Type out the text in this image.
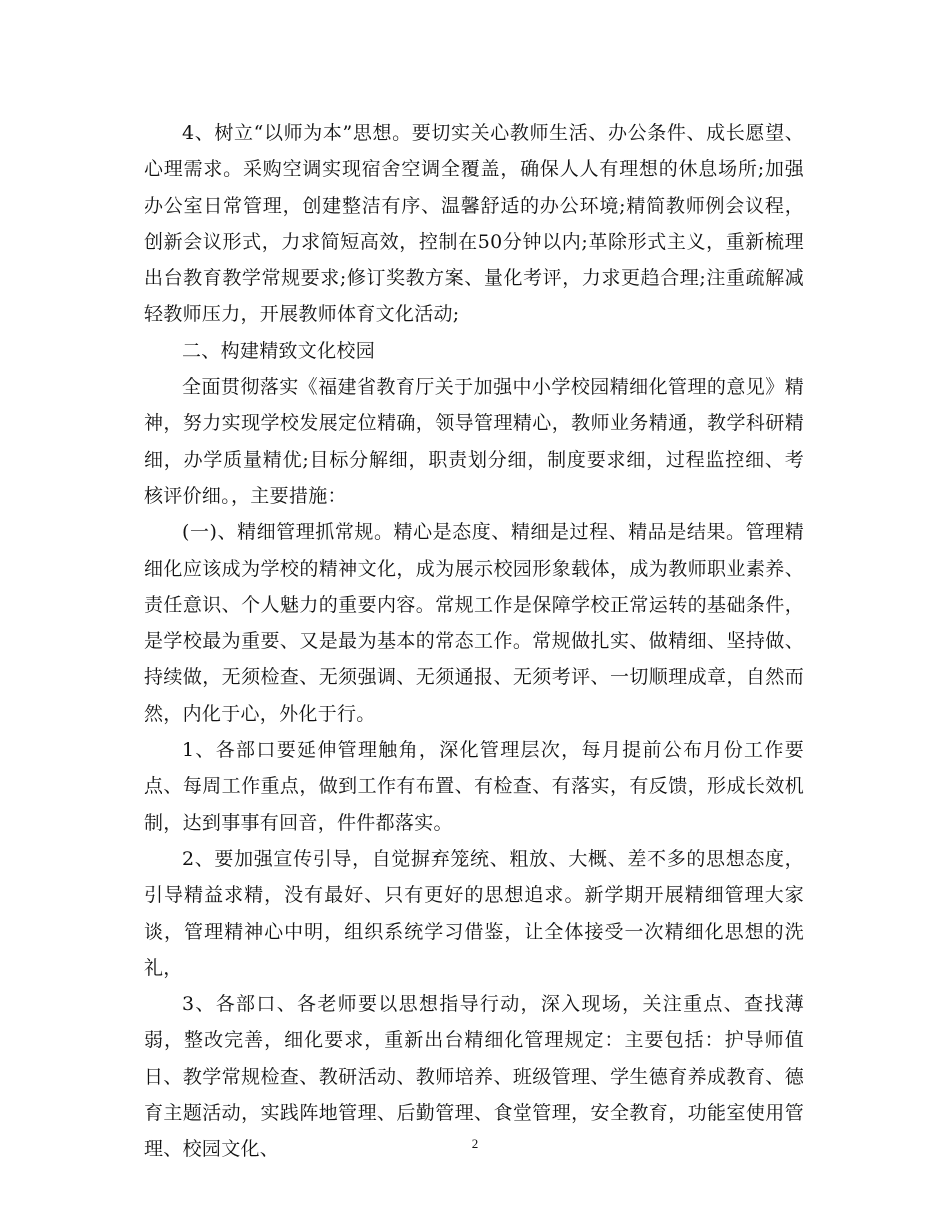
4、树立“以师为本”思想。要切实关心教师生活、办公条件、成长愿望、心理需求。采购空调实现宿舍空调全覆盖，确保人人有理想的休息场所;加强办公室日常管理，创建整洁有序、温馨舒适的办公环境;精简教师例会议程，创新会议形式，力求简短高效，控制在50分钟以内;革除形式主义，重新梳理出台教育教学常规要求;修订奖教方案、量化考评，力求更趋合理;注重疏解减轻教师压力，开展教师体育文化活动;

二、构建精致文化校园

全面贯彻落实《福建省教育厅关于加强中小学校园精细化管理的意见》精神，努力实现学校发展定位精确，领导管理精心，教师业务精通，教学科研精细，办学质量精优;目标分解细，职责划分细，制度要求细，过程监控细、考核评价细。，主要措施：

(一)、精细管理抓常规。精心是态度、精细是过程、精品是结果。管理精细化应该成为学校的精神文化，成为展示校园形象载体，成为教师职业素养、责任意识、个人魅力的重要内容。常规工作是保障学校正常运转的基础条件，是学校最为重要、又是最为基本的常态工作。常规做扎实、做精细、坚持做、持续做，无须检查、无须强调、无须通报、无须考评、一切顺理成章，自然而然，内化于心，外化于行。

1、各部口要延伸管理触角，深化管理层次，每月提前公布月份工作要点、每周工作重点，做到工作有布置、有检查、有落实，有反馈，形成长效机制，达到事事有回音，件件都落实。

2、要加强宣传引导，自觉摒弃笼统、粗放、大概、差不多的思想态度，引导精益求精，没有最好、只有更好的思想追求。新学期开展精细管理大家谈，管理精神心中明，组织系统学习借鉴，让全体接受一次精细化思想的洗礼，

3、各部口、各老师要以思想指导行动，深入现场，关注重点、查找薄弱，整改完善，细化要求，重新出台精细化管理规定：主要包括：护导师值日、教学常规检查、教研活动、教师培养、班级管理、学生德育养成教育、德育主题活动，实践阵地管理、后勤管理、食堂管理，安全教育，功能室使用管理、校园文化、	2
